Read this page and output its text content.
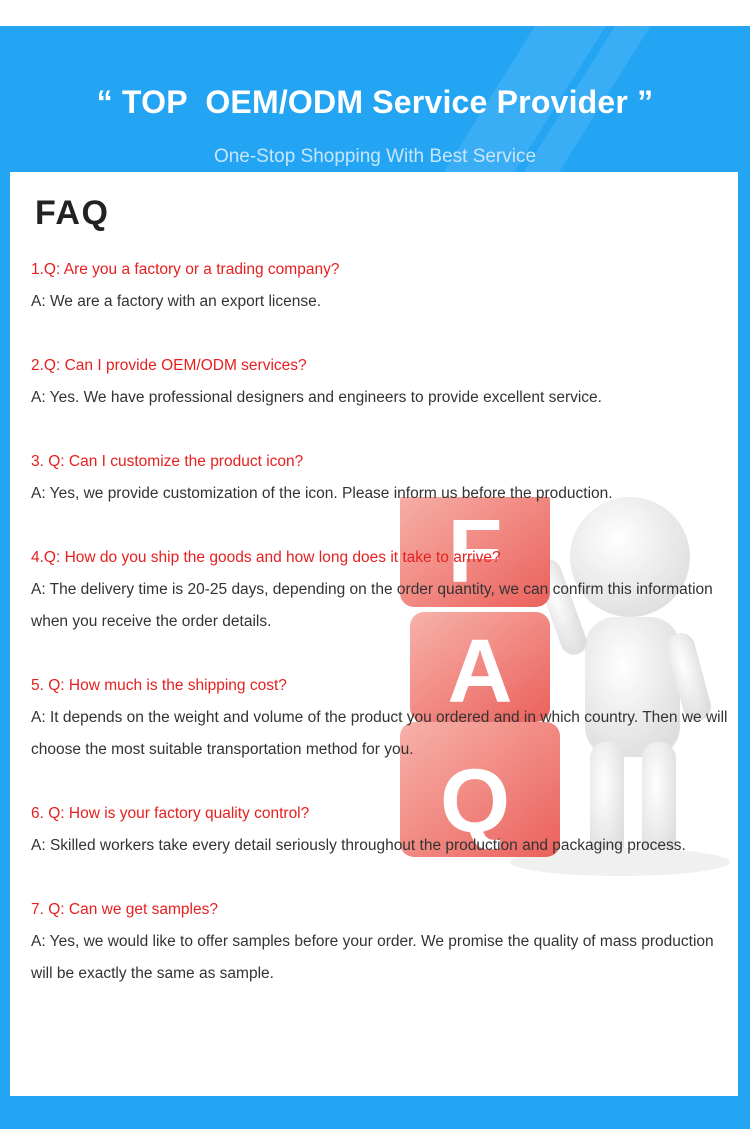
“ TOP  OEM/ODM Service Provider ”
One-Stop Shopping With Best Service
FAQ
F
A
Q
1.Q: Are you a factory or a trading company?
A: We are a factory with an export license.
2.Q: Can I provide OEM/ODM services?
A: Yes. We have professional designers and engineers to provide excellent service.
3. Q: Can I customize the product icon?
A: Yes, we provide customization of the icon. Please inform us before the production.
4.Q: How do you ship the goods and how long does it take to arrive?
A: The delivery time is 20-25 days, depending on the order quantity, we can confirm this information when you receive the order details.
5. Q: How much is the shipping cost?
A: It depends on the weight and volume of the product you ordered and in which country. Then we will choose the most suitable transportation method for you.
6. Q: How is your factory quality control?
A: Skilled workers take every detail seriously throughout the production and packaging process.
7. Q: Can we get samples?
A: Yes, we would like to offer samples before your order. We promise the quality of mass production will be exactly the same as sample.
